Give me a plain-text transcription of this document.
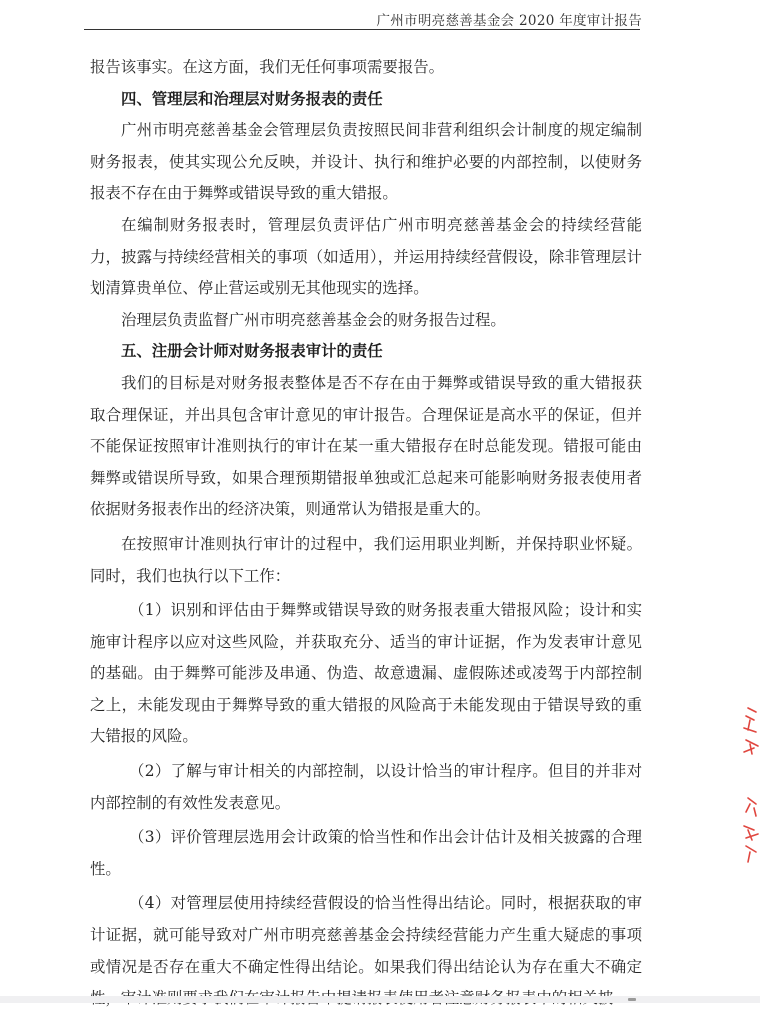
广州市明亮慈善基金会 2020 年度审计报告

报告该事实。在这方面，我们无任何事项需要报告。

四、管理层和治理层对财务报表的责任

广州市明亮慈善基金会管理层负责按照民间非营利组织会计制度的规定编制财务报表，使其实现公允反映，并设计、执行和维护必要的内部控制，以使财务报表不存在由于舞弊或错误导致的重大错报。

在编制财务报表时，管理层负责评估广州市明亮慈善基金会的持续经营能力，披露与持续经营相关的事项（如适用），并运用持续经营假设，除非管理层计划清算贵单位、停止营运或别无其他现实的选择。

治理层负责监督广州市明亮慈善基金会的财务报告过程。

五、注册会计师对财务报表审计的责任

我们的目标是对财务报表整体是否不存在由于舞弊或错误导致的重大错报获取合理保证，并出具包含审计意见的审计报告。合理保证是高水平的保证，但并不能保证按照审计准则执行的审计在某一重大错报存在时总能发现。错报可能由舞弊或错误所导致，如果合理预期错报单独或汇总起来可能影响财务报表使用者依据财务报表作出的经济决策，则通常认为错报是重大的。

在按照审计准则执行审计的过程中，我们运用职业判断，并保持职业怀疑。同时，我们也执行以下工作：

（1）识别和评估由于舞弊或错误导致的财务报表重大错报风险；设计和实施审计程序以应对这些风险，并获取充分、适当的审计证据，作为发表审计意见的基础。由于舞弊可能涉及串通、伪造、故意遗漏、虚假陈述或凌驾于内部控制之上，未能发现由于舞弊导致的重大错报的风险高于未能发现由于错误导致的重大错报的风险。

（2）了解与审计相关的内部控制，以设计恰当的审计程序。但目的并非对内部控制的有效性发表意见。

（3）评价管理层选用会计政策的恰当性和作出会计估计及相关披露的合理性。

（4）对管理层使用持续经营假设的恰当性得出结论。同时，根据获取的审计证据，就可能导致对广州市明亮慈善基金会持续经营能力产生重大疑虑的事项或情况是否存在重大不确定性得出结论。如果我们得出结论认为存在重大不确定
